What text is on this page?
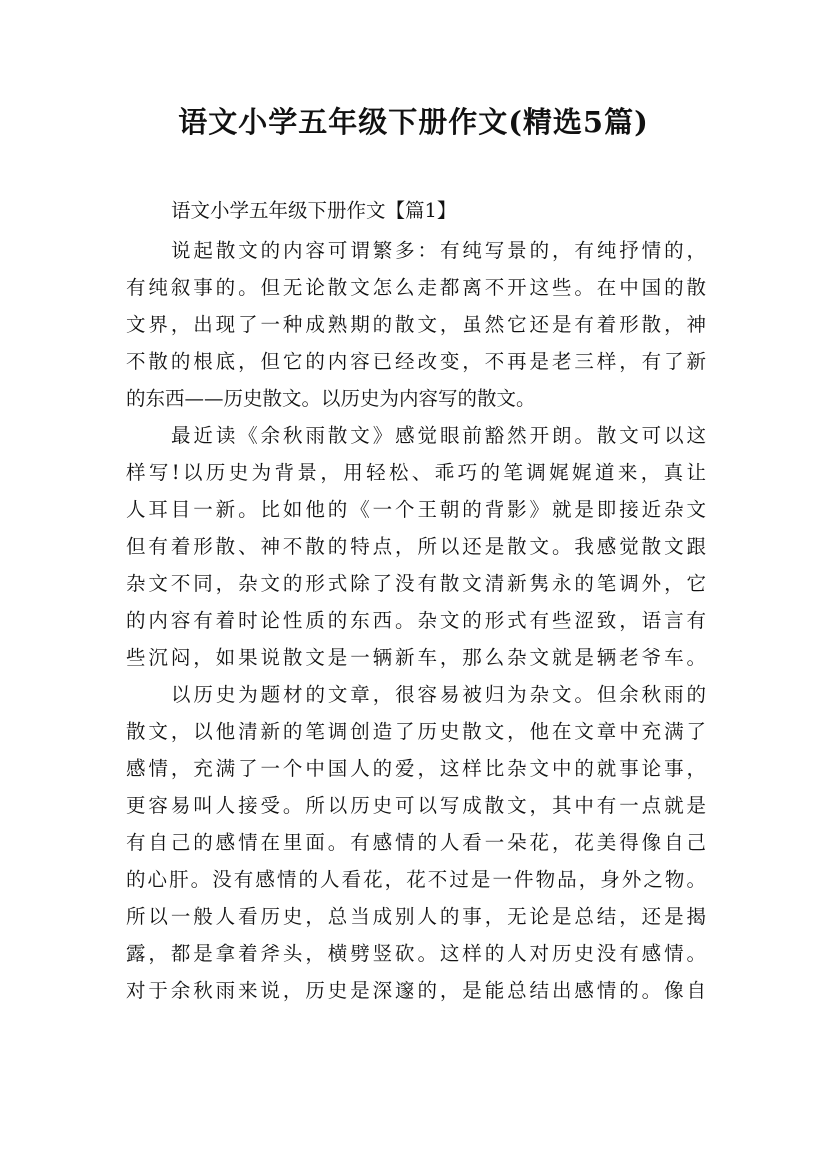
语文小学五年级下册作文(精选5篇)

语文小学五年级下册作文【篇1】

说起散文的内容可谓繁多：有纯写景的，有纯抒情的，

有纯叙事的。但无论散文怎么走都离不开这些。在中国的散

文界，出现了一种成熟期的散文，虽然它还是有着形散，神

不散的根底，但它的内容已经改变，不再是老三样，有了新

的东西——历史散文。以历史为内容写的散文。

最近读《余秋雨散文》感觉眼前豁然开朗。散文可以这

样写!以历史为背景，用轻松、乖巧的笔调娓娓道来，真让

人耳目一新。比如他的《一个王朝的背影》就是即接近杂文

但有着形散、神不散的特点，所以还是散文。我感觉散文跟

杂文不同，杂文的形式除了没有散文清新隽永的笔调外，它

的内容有着时论性质的东西。杂文的形式有些涩致，语言有

些沉闷，如果说散文是一辆新车，那么杂文就是辆老爷车。

以历史为题材的文章，很容易被归为杂文。但余秋雨的

散文，以他清新的笔调创造了历史散文，他在文章中充满了

感情，充满了一个中国人的爱，这样比杂文中的就事论事，

更容易叫人接受。所以历史可以写成散文，其中有一点就是

有自己的感情在里面。有感情的人看一朵花，花美得像自己

的心肝。没有感情的人看花，花不过是一件物品，身外之物。

所以一般人看历史，总当成别人的事，无论是总结，还是揭

露，都是拿着斧头，横劈竖砍。这样的人对历史没有感情。

对于余秋雨来说，历史是深邃的，是能总结出感情的。像自
